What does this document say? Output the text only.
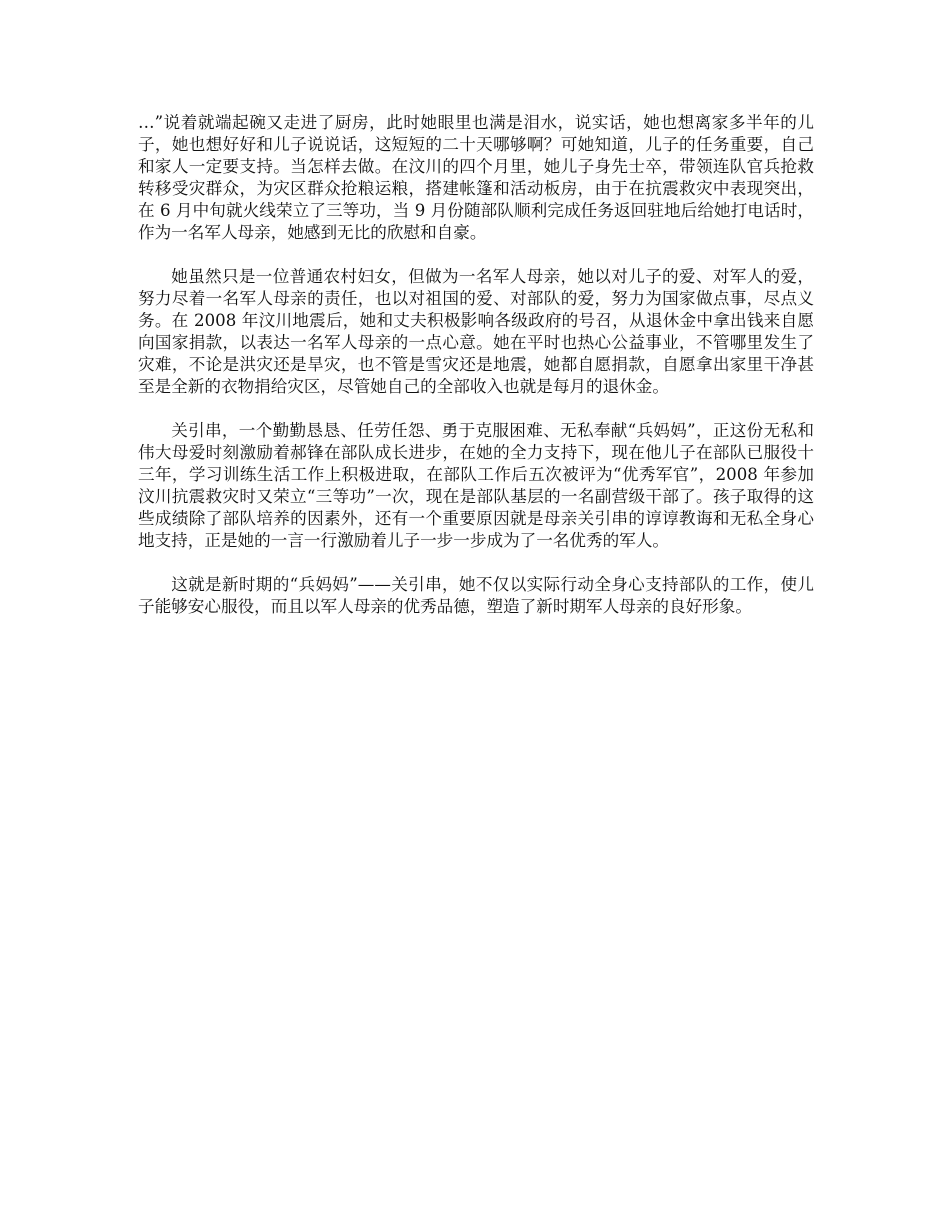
…”说着就端起碗又走进了厨房，此时她眼里也满是泪水，说实话，她也想离家多半年的儿子，她也想好好和儿子说说话，这短短的二十天哪够啊？可她知道，儿子的任务重要，自己和家人一定要支持。当怎样去做。在汶川的四个月里，她儿子身先士卒，带领连队官兵抢救转移受灾群众，为灾区群众抢粮运粮，搭建帐篷和活动板房，由于在抗震救灾中表现突出，在 6 月中旬就火线荣立了三等功，当 9 月份随部队顺利完成任务返回驻地后给她打电话时，作为一名军人母亲，她感到无比的欣慰和自豪。

她虽然只是一位普通农村妇女，但做为一名军人母亲，她以对儿子的爱、对军人的爱，努力尽着一名军人母亲的责任，也以对祖国的爱、对部队的爱，努力为国家做点事，尽点义务。在 2008 年汶川地震后，她和丈夫积极影响各级政府的号召，从退休金中拿出钱来自愿向国家捐款，以表达一名军人母亲的一点心意。她在平时也热心公益事业，不管哪里发生了灾难，不论是洪灾还是旱灾，也不管是雪灾还是地震，她都自愿捐款，自愿拿出家里干净甚至是全新的衣物捐给灾区，尽管她自己的全部收入也就是每月的退休金。

关引串，一个勤勤恳恳、任劳任怨、勇于克服困难、无私奉献“兵妈妈”，正这份无私和伟大母爱时刻激励着郝锋在部队成长进步，在她的全力支持下，现在他儿子在部队已服役十三年，学习训练生活工作上积极进取，在部队工作后五次被评为“优秀军官”，2008 年参加汶川抗震救灾时又荣立“三等功”一次，现在是部队基层的一名副营级干部了。孩子取得的这些成绩除了部队培养的因素外，还有一个重要原因就是母亲关引串的谆谆教诲和无私全身心地支持，正是她的一言一行激励着儿子一步一步成为了一名优秀的军人。

这就是新时期的“兵妈妈”——关引串，她不仅以实际行动全身心支持部队的工作，使儿子能够安心服役，而且以军人母亲的优秀品德，塑造了新时期军人母亲的良好形象。
